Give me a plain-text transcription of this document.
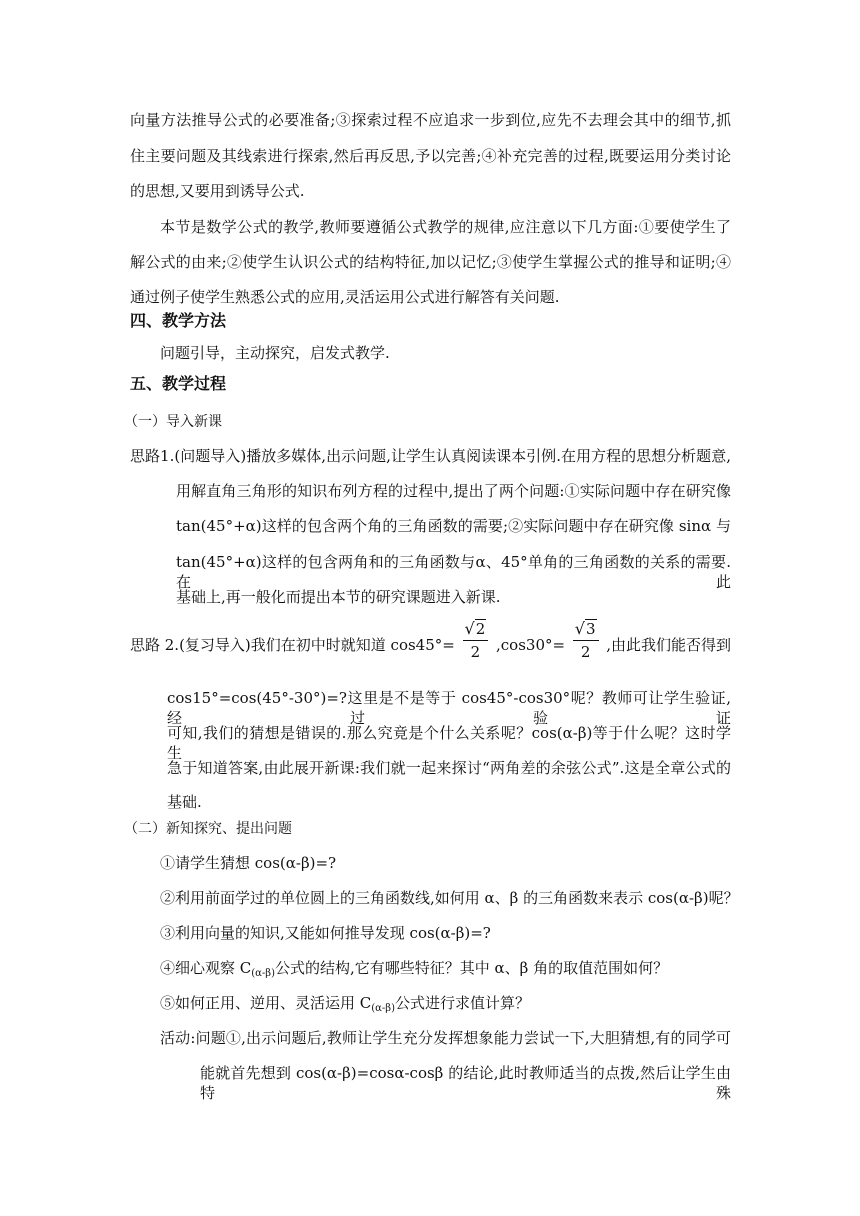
向量方法推导公式的必要准备;③探索过程不应追求一步到位,应先不去理会其中的细节,抓
住主要问题及其线索进行探索,然后再反思,予以完善;④补充完善的过程,既要运用分类讨论
的思想,又要用到诱导公式.
本节是数学公式的教学,教师要遵循公式教学的规律,应注意以下几方面:①要使学生了
解公式的由来;②使学生认识公式的结构特征,加以记忆;③使学生掌握公式的推导和证明;④
通过例子使学生熟悉公式的应用,灵活运用公式进行解答有关问题.
四、教学方法
问题引导，主动探究，启发式教学.
五、教学过程
（一）导入新课
思路1.(问题导入)播放多媒体,出示问题,让学生认真阅读课本引例.在用方程的思想分析题意,
用解直角三角形的知识布列方程的过程中,提出了两个问题:①实际问题中存在研究像
tan(45°+α)这样的包含两个角的三角函数的需要;②实际问题中存在研究像 sinα 与
tan(45°+α)这样的包含两角和的三角函数与α、45°单角的三角函数的关系的需要.在此
基础上,再一般化而提出本节的研究课题进入新课.
思路 2.(复习导入)我们在初中时就知道 $\cos 45^\circ= \frac{√2}{2} ,\cos 30^\circ= \frac{√3}{2}$ ,由此我们能否得到
cos15°=cos(45°-30°)=?这里是不是等于 cos45°-cos30°呢？教师可让学生验证,经过验证
可知,我们的猜想是错误的.那么究竟是个什么关系呢？cos(α-β)等于什么呢？这时学生
急于知道答案,由此展开新课:我们就一起来探讨“两角差的余弦公式”.这是全章公式的
基础.
（二）新知探究、提出问题
①请学生猜想 cos(α-β)=?
②利用前面学过的单位圆上的三角函数线,如何用 α、β 的三角函数来表示 cos(α-β)呢？
③利用向量的知识,又能如何推导发现 cos(α-β)=?
④细心观察 $C_{(\alpha-\beta)}$公式的结构,它有哪些特征？其中 α、β 角的取值范围如何？
⑤如何正用、逆用、灵活运用 $C_{(\alpha-\beta)}$公式进行求值计算？
活动:问题①,出示问题后,教师让学生充分发挥想象能力尝试一下,大胆猜想,有的同学可
能就首先想到 cos(α-β)=cosα-cosβ 的结论,此时教师适当的点拨,然后让学生由特殊
